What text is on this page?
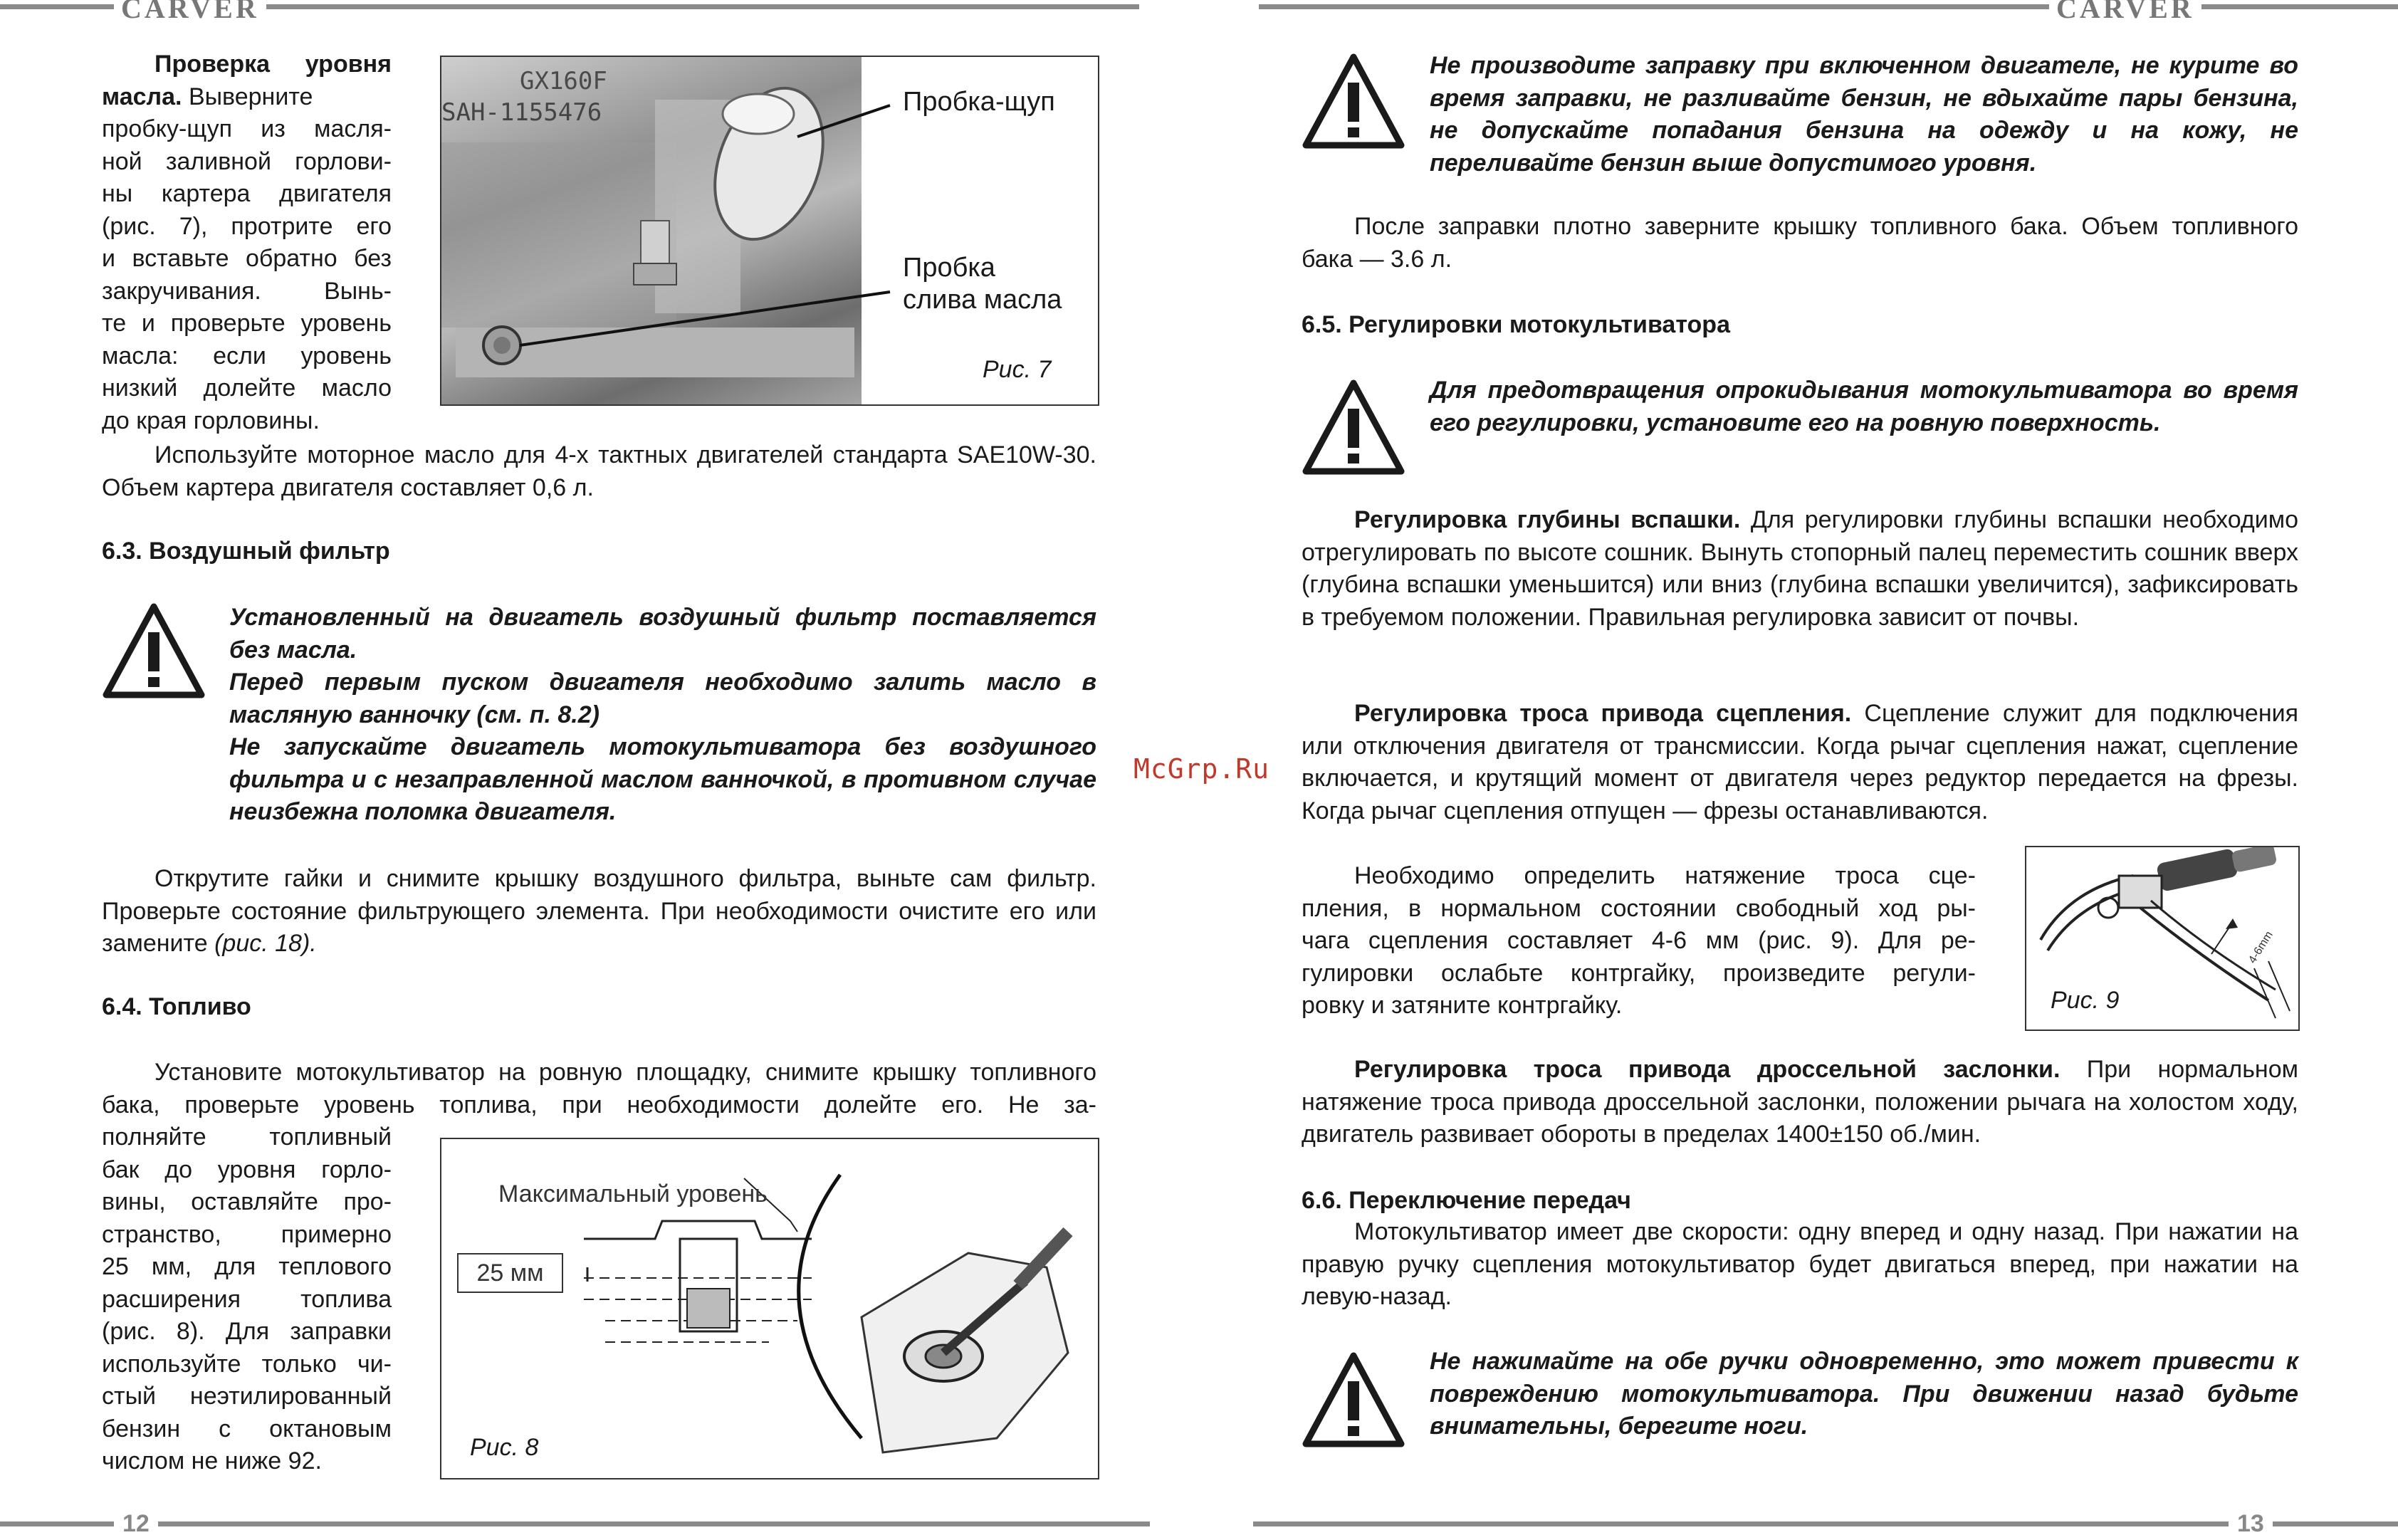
CARVER	CARVER
12	13
Проверка уровня масла. Выверните
пробку-щуп из масля-
ной заливной горлови-
ны картера двигателя
(рис. 7), протрите его
и вставьте обратно без
закручивания. Вынь-
те и проверьте уровень
масла: если уровень
низкий долейте масло
до края горловины.
GX160F
SAH-1155476	Пробка-щуп
Пробка
слива масла
Рис. 7

Используйте моторное масло для 4-х тактных двигателей стандарта SAE10W-30. Объем картера двигателя составляет 0,6 л.

6.3. Воздушный фильтр

Установленный на двигатель воздушный фильтр поставляется без масла.
Перед первым пуском двигателя необходимо залить масло в масляную ванночку (см. п. 8.2)
Не запускайте двигатель мотокультиватора без воздушного фильтра и с незаправленной маслом ванночкой, в противном случае неизбежна поломка двигателя.

Открутите гайки и снимите крышку воздушного фильтра, выньте сам фильтр. Проверьте состояние фильтрующего элемента. При необходимости очистите его или замените (рис. 18).

6.4. Топливо

Установите мотокультиватор на ровную площадку, снимите крышку топливного бака, проверьте уровень топлива, при необходимости долейте его. Не за-

полняйте топливный
бак до уровня горло-
вины, оставляйте про-
странство, примерно
25 мм, для теплового
расширения топлива
(рис. 8). Для заправки
используйте только чи-
стый неэтилированный
бензин с октановым
числом не ниже 92.
Максимальный уровень
25 мм
Рис. 8
McGrp.Ru

Не производите заправку при включенном двигателе, не курите во время заправки, не разливайте бензин, не вдыхайте пары бензина, не допускайте попадания бензина на одежду и на кожу, не переливайте бензин выше допустимого уровня.

После заправки плотно заверните крышку топливного бака. Объем топливного бака — 3.6 л.

6.5. Регулировки мотокультиватора

Для предотвращения опрокидывания мотокультиватора во время его регулировки, установите его на ровную поверхность.

Регулировка глубины вспашки. Для регулировки глубины вспашки необходимо отрегулировать по высоте сошник. Вынуть стопорный палец переместить сошник вверх (глубина вспашки уменьшится) или вниз (глубина вспашки увеличится), зафиксировать в требуемом положении. Правильная регулировка зависит от почвы.

Регулировка троса привода сцепления. Сцепление служит для подключения или отключения двигателя от трансмиссии. Когда рычаг сцепления нажат, сцепление включается, и крутящий момент от двигателя через редуктор передается на фрезы. Когда рычаг сцепления отпущен — фрезы останавливаются.

Необходимо определить натяжение троса сце-
пления, в нормальном состоянии свободный ход ры-
чага сцепления составляет 4-6 мм (рис. 9). Для ре-
гулировки ослабьте контргайку, произведите регули-
ровку и затяните контргайку.
4-6mm
Рис. 9

Регулировка троса привода дроссельной заслонки. При нормальном натяжение троса привода дроссельной заслонки, положении рычага на холостом ходу, двигатель развивает обороты в пределах 1400±150 об./мин.

6.6. Переключение передач

Мотокультиватор имеет две скорости: одну вперед и одну назад. При нажатии на правую ручку сцепления мотокультиватор будет двигаться вперед, при нажатии на левую-назад.

Не нажимайте на обе ручки одновременно, это может привести к повреждению мотокультиватора. При движении назад будьте внимательны, берегите ноги.
